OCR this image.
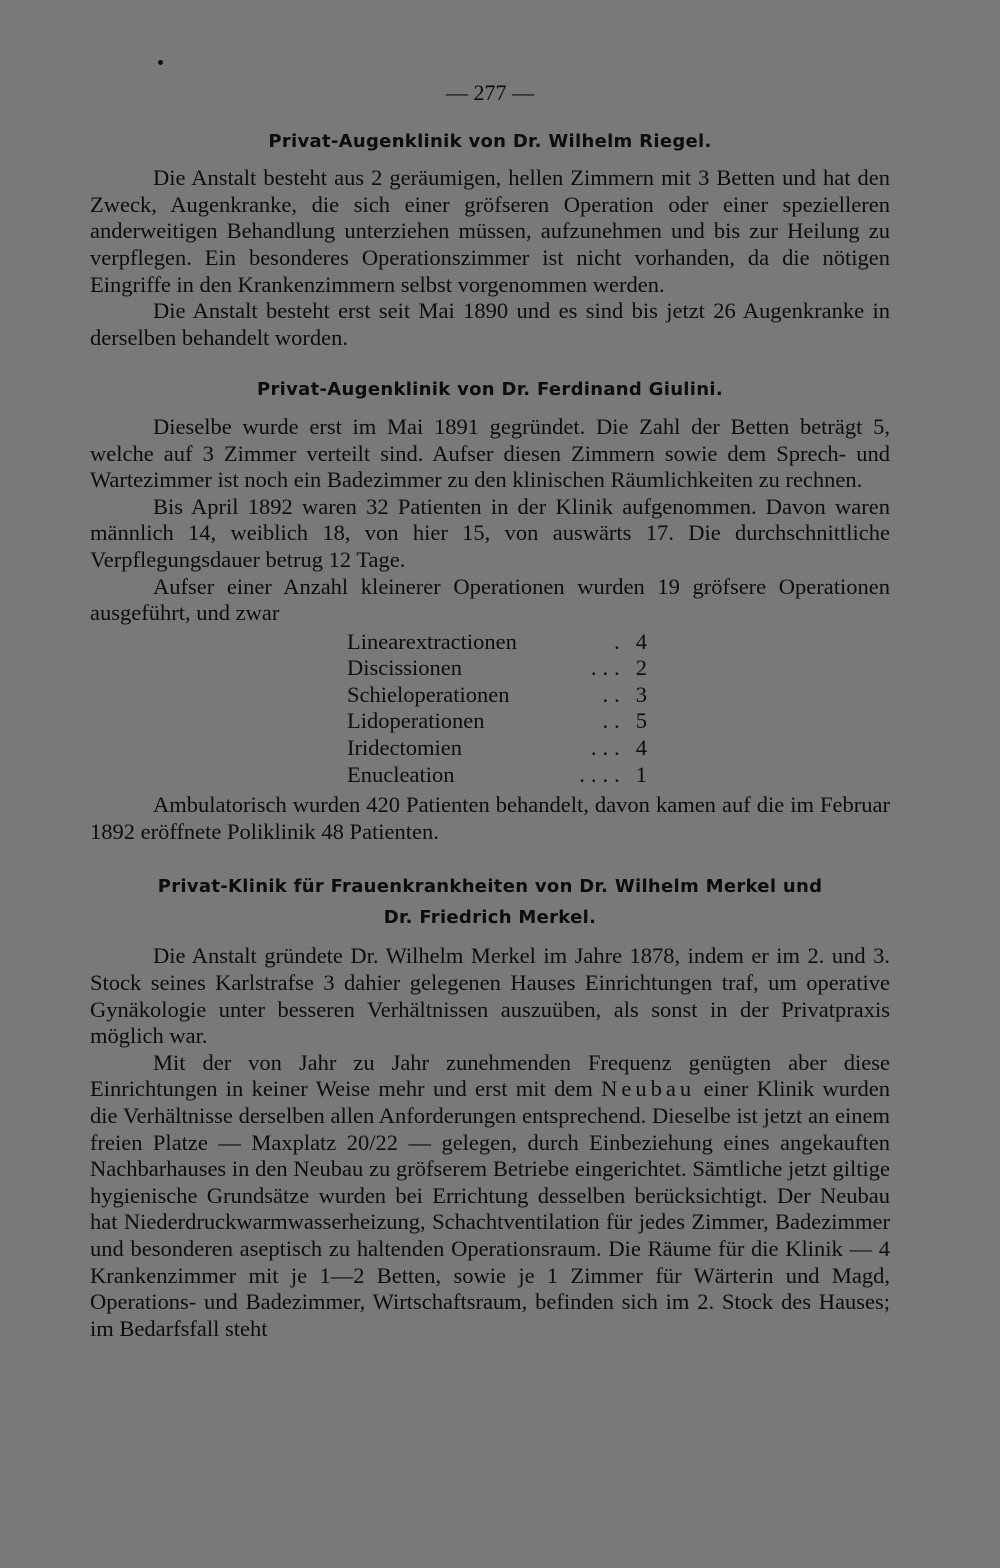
— 277 —
Privat-Augenklinik von Dr. Wilhelm Riegel.

Die Anstalt besteht aus 2 geräumigen, hellen Zimmern mit 3 Betten und hat den Zweck, Augenkranke, die sich einer gröfseren Operation oder einer spezielleren anderweitigen Behandlung unterziehen müssen, aufzunehmen und bis zur Heilung zu verpflegen. Ein besonderes Operationszimmer ist nicht vorhanden, da die nötigen Eingriffe in den Krankenzimmern selbst vorgenommen werden.

Die Anstalt besteht erst seit Mai 1890 und es sind bis jetzt 26 Augenkranke in derselben behandelt worden.

Privat-Augenklinik von Dr. Ferdinand Giulini.

Dieselbe wurde erst im Mai 1891 gegründet. Die Zahl der Betten beträgt 5, welche auf 3 Zimmer verteilt sind. Aufser diesen Zimmern sowie dem Sprech- und Wartezimmer ist noch ein Badezimmer zu den klinischen Räumlichkeiten zu rechnen.

Bis April 1892 waren 32 Patienten in der Klinik aufgenommen. Davon waren männlich 14, weiblich 18, von hier 15, von auswärts 17. Die durchschnittliche Verpflegungsdauer betrug 12 Tage.

Aufser einer Anzahl kleinerer Operationen wurden 19 gröfsere Operationen ausgeführt, und zwar

Linearextractionen	. 4
Discissionen	... 2
Schieloperationen	.. 3
Lidoperationen	.. 5
Iridectomien	... 4
Enucleation	.... 1

Ambulatorisch wurden 420 Patienten behandelt, davon kamen auf die im Februar 1892 eröffnete Poliklinik 48 Patienten.

Privat-Klinik für Frauenkrankheiten von Dr. Wilhelm Merkel und
Dr. Friedrich Merkel.

Die Anstalt gründete Dr. Wilhelm Merkel im Jahre 1878, indem er im 2. und 3. Stock seines Karlstrafse 3 dahier gelegenen Hauses Einrichtungen traf, um operative Gynäkologie unter besseren Verhältnissen auszuüben, als sonst in der Privatpraxis möglich war.

Mit der von Jahr zu Jahr zunehmenden Frequenz genügten aber diese Einrichtungen in keiner Weise mehr und erst mit dem Neubau einer Klinik wurden die Verhältnisse derselben allen Anforderungen entsprechend. Dieselbe ist jetzt an einem freien Platze — Maxplatz 20/22 — gelegen, durch Einbeziehung eines angekauften Nachbarhauses in den Neubau zu gröfserem Betriebe eingerichtet. Sämtliche jetzt giltige hygienische Grundsätze wurden bei Errichtung desselben berücksichtigt. Der Neubau hat Niederdruckwarmwasserheizung, Schachtventilation für jedes Zimmer, Badezimmer und besonderen aseptisch zu haltenden Operationsraum. Die Räume für die Klinik — 4 Krankenzimmer mit je 1—2 Betten, sowie je 1 Zimmer für Wärterin und Magd, Operations- und Badezimmer, Wirtschaftsraum, befinden sich im 2. Stock des Hauses; im Bedarfsfall steht
